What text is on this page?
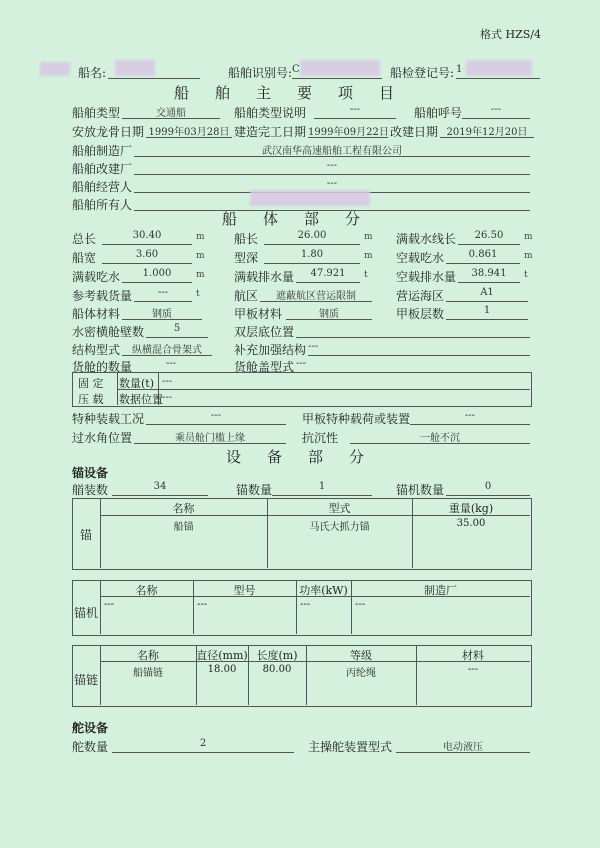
格式 HZS/4
船名:	船舶识别号: C	船检登记号: 1
船舶主要项目
船舶类型	交通船	船舶类型说明	---	船舶呼号	---
安放龙骨日期 1999年03月28日 建造完工日期 1999年09月22日 改建日期 2019年12月20日
船舶制造厂	武汉南华高速船舶工程有限公司
船舶改建厂	---
船舶经营人	---
船舶所有人
船体部分
总长	30.40	m 船长	26.00	m 满载水线长	26.50	m
船宽	3.60	m 型深	1.80	m 空载吃水	0.861	m
满载吃水	1.000	m 满载排水量	47.921	t 空载排水量	38.941	t
参考载货量	---	t	航区	遮蔽航区营运限制	营运海区	A1
船体材料	钢质	甲板材料	钢质	甲板层数	1
水密横舱壁数	5	双层底位置
结构型式	纵横混合骨架式	补充加强结构 ---
货舱的数量	---	货舱盖型式 ---
固 定
压 载
数量(t) ---
数据位置 ---
特种装载工况	---	甲板特种载荷或装置	---
过水角位置	乘员舱门槛上缘	抗沉性	一舱不沉
设备部分
锚设备
艏装数	34	锚数量	1	锚机数量	0
锚
名称	型式	重量(kg)
船锚	马氏大抓力锚	35.00
锚机
名称	型号	功率(kW)	制造厂
---	---	---	---
锚链
名称	直径(mm) 长度(m)	等级	材料
船锚链	18.00	80.00	丙纶绳	---
舵设备
舵数量	2	主操舵装置型式	电动液压
